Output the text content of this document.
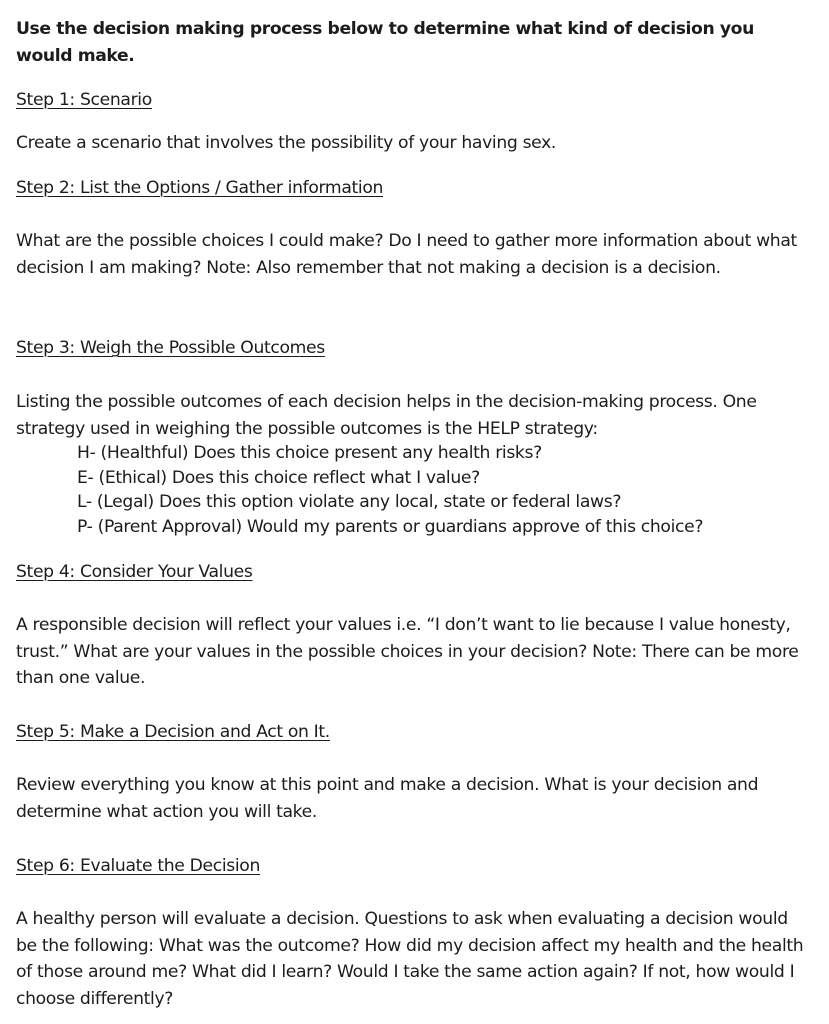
Use the decision making process below to determine what kind of decision you would make.

Step 1: Scenario

Create a scenario that involves the possibility of your having sex.

Step 2: List the Options / Gather information

What are the possible choices I could make? Do I need to gather more information about what decision I am making? Note: Also remember that not making a decision is a decision.

Step 3: Weigh the Possible Outcomes

Listing the possible outcomes of each decision helps in the decision-making process. One strategy used in weighing the possible outcomes is the HELP strategy:

H- (Healthful) Does this choice present any health risks?
E- (Ethical) Does this choice reflect what I value?
L- (Legal) Does this option violate any local, state or federal laws?
P- (Parent Approval) Would my parents or guardians approve of this choice?

Step 4: Consider Your Values

A responsible decision will reflect your values i.e. “I don’t want to lie because I value honesty, trust.” What are your values in the possible choices in your decision? Note: There can be more than one value.

Step 5: Make a Decision and Act on It.

Review everything you know at this point and make a decision. What is your decision and determine what action you will take.

Step 6: Evaluate the Decision

A healthy person will evaluate a decision. Questions to ask when evaluating a decision would be the following: What was the outcome? How did my decision affect my health and the health of those around me? What did I learn? Would I take the same action again? If not, how would I choose differently?
